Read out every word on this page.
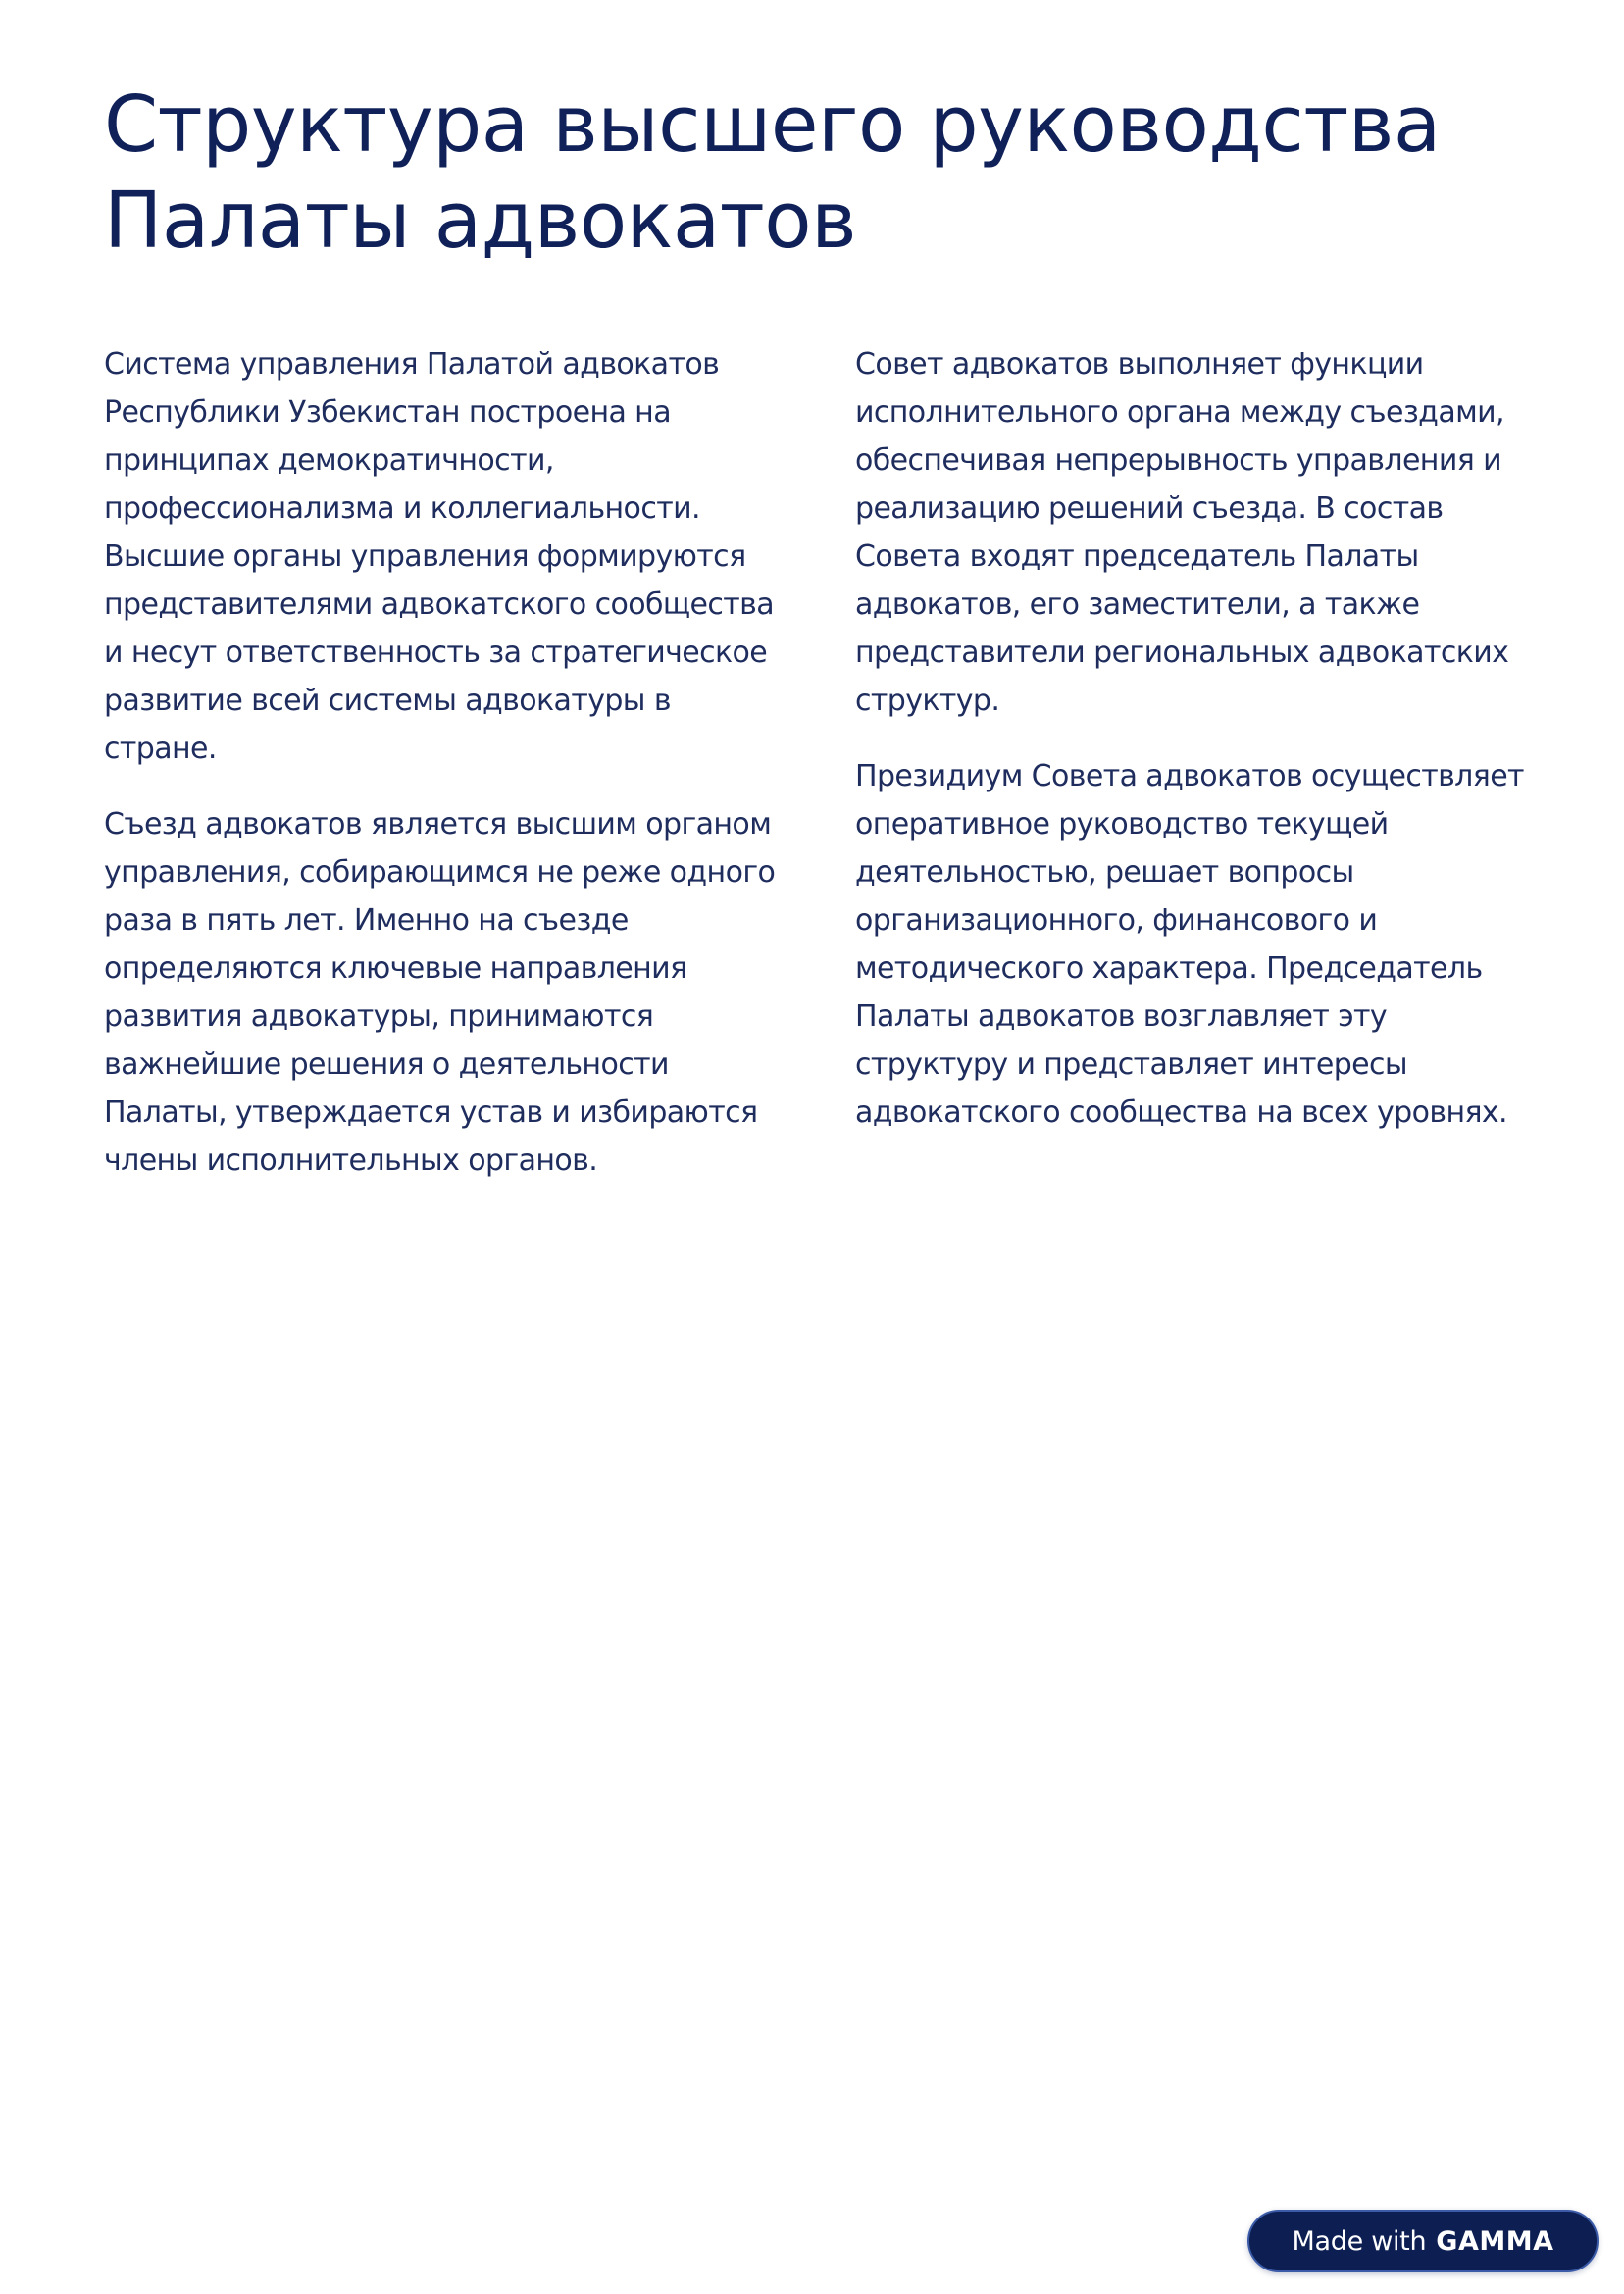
Структура высшего руководства Палаты адвокатов

Система управления Палатой адвокатов Республики Узбекистан построена на принципах демократичности, профессионализма и коллегиальности. Высшие органы управления формируются представителями адвокатского сообщества и несут ответственность за стратегическое развитие всей системы адвокатуры в стране.

Съезд адвокатов является высшим органом управления, собирающимся не реже одного раза в пять лет. Именно на съезде определяются ключевые направления развития адвокатуры, принимаются важнейшие решения о деятельности Палаты, утверждается устав и избираются члены исполнительных органов.

Совет адвокатов выполняет функции исполнительного органа между съездами, обеспечивая непрерывность управления и реализацию решений съезда. В состав Совета входят председатель Палаты адвокатов, его заместители, а также представители региональных адвокатских структур.

Президиум Совета адвокатов осуществляет оперативное руководство текущей деятельностью, решает вопросы организационного, финансового и методического характера. Председатель Палаты адвокатов возглавляет эту структуру и представляет интересы адвокатского сообщества на всех уровнях.

Made with GAMMA
